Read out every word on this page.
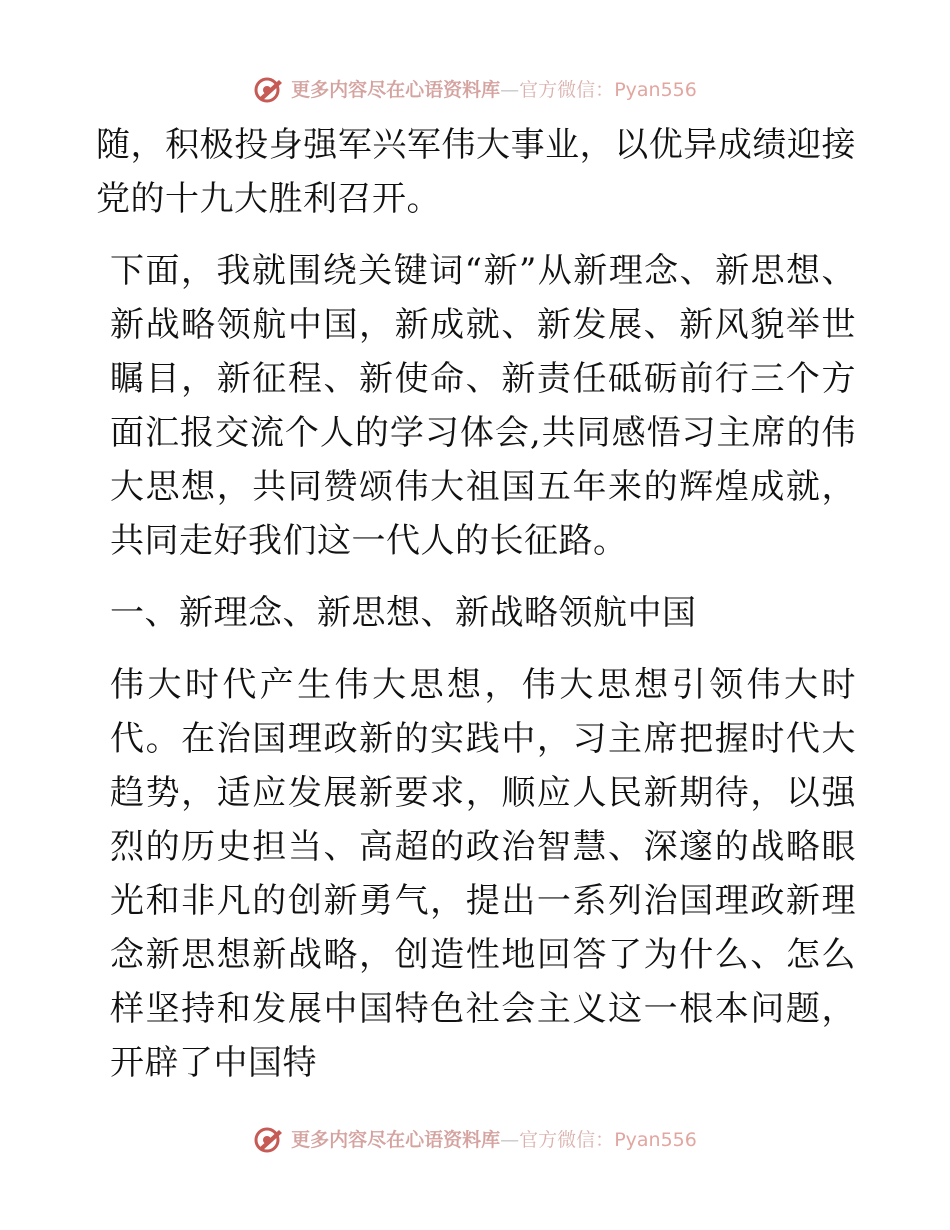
更多内容尽在心语资料库 — 官方微信： Pyan556

随，积极投身强军兴军伟大事业，以优异成绩迎接党的十九大胜利召开。

下面，我就围绕关键词“新”从新理念、新思想、新战略领航中国，新成就、新发展、新风貌举世瞩目，新征程、新使命、新责任砥砺前行三个方面汇报交流个人的学习体会,共同感悟习主席的伟大思想，共同赞颂伟大祖国五年来的辉煌成就，共同走好我们这一代人的长征路。

一、新理念、新思想、新战略领航中国

伟大时代产生伟大思想，伟大思想引领伟大时代。在治国理政新的实践中，习主席把握时代大趋势，适应发展新要求，顺应人民新期待，以强烈的历史担当、高超的政治智慧、深邃的战略眼光和非凡的创新勇气，提出一系列治国理政新理念新思想新战略，创造性地回答了为什么、怎么样坚持和发展中国特色社会主义这一根本问题，开辟了中国特

更多内容尽在心语资料库 — 官方微信： Pyan556
